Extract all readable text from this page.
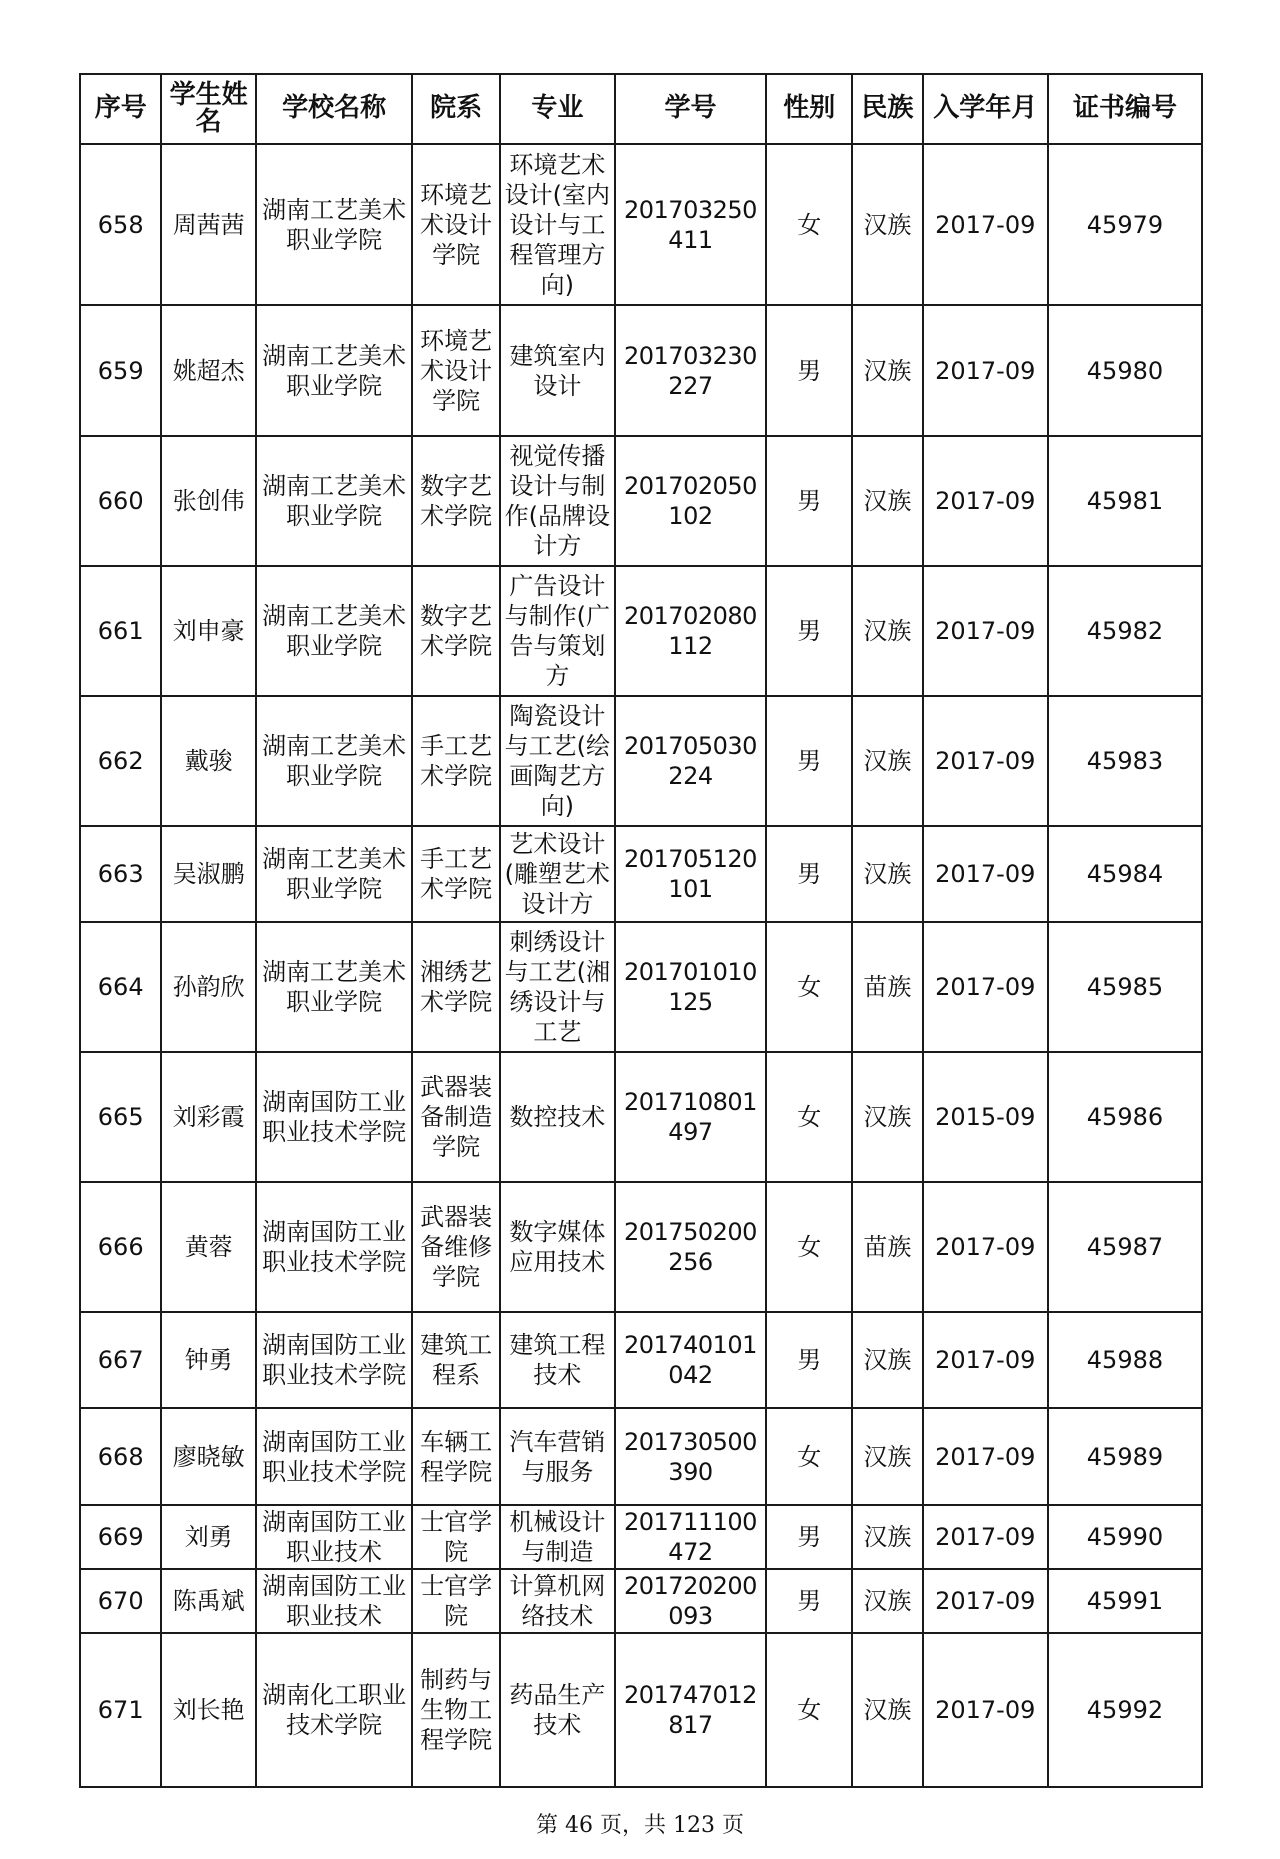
序号	学生姓名	学校名称	院系	专业	学号	性别	民族	入学年月	证书编号

658	周茜茜	湖南工艺美术职业学院	环境艺术设计学院	环境艺术设计(室内设计与工程管理方向)	201703250411	女	汉族	2017-09	45979

659	姚超杰	湖南工艺美术职业学院	环境艺术设计学院	建筑室内设计	201703230227	男	汉族	2017-09	45980

660	张创伟	湖南工艺美术职业学院	数字艺术学院	视觉传播设计与制作(品牌设计方	201702050102	男	汉族	2017-09	45981

661	刘申豪	湖南工艺美术职业学院	数字艺术学院	广告设计与制作(广告与策划方	201702080112	男	汉族	2017-09	45982

662	戴骏	湖南工艺美术职业学院	手工艺术学院	陶瓷设计与工艺(绘画陶艺方向)	201705030224	男	汉族	2017-09	45983

663	吴淑鹏	湖南工艺美术职业学院	手工艺术学院	艺术设计(雕塑艺术设计方	201705120101	男	汉族	2017-09	45984

664	孙韵欣	湖南工艺美术职业学院	湘绣艺术学院	刺绣设计与工艺(湘绣设计与工艺	201701010125	女	苗族	2017-09	45985

665	刘彩霞	湖南国防工业职业技术学院	武器装备制造学院	数控技术	201710801497	女	汉族	2015-09	45986

666	黄蓉	湖南国防工业职业技术学院	武器装备维修学院	数字媒体应用技术	201750200256	女	苗族	2017-09	45987

667	钟勇	湖南国防工业职业技术学院	建筑工程系	建筑工程技术	201740101042	男	汉族	2017-09	45988

668	廖晓敏	湖南国防工业职业技术学院	车辆工程学院	汽车营销与服务	201730500390	女	汉族	2017-09	45989

669	刘勇	湖南国防工业职业技术	士官学院	机械设计与制造	201711100472	男	汉族	2017-09	45990

670	陈禹斌	湖南国防工业职业技术	士官学院	计算机网络技术	201720200093	男	汉族	2017-09	45991

671	刘长艳	湖南化工职业技术学院	制药与生物工程学院	药品生产技术	201747012817	女	汉族	2017-09	45992
第 46 页，共 123 页
